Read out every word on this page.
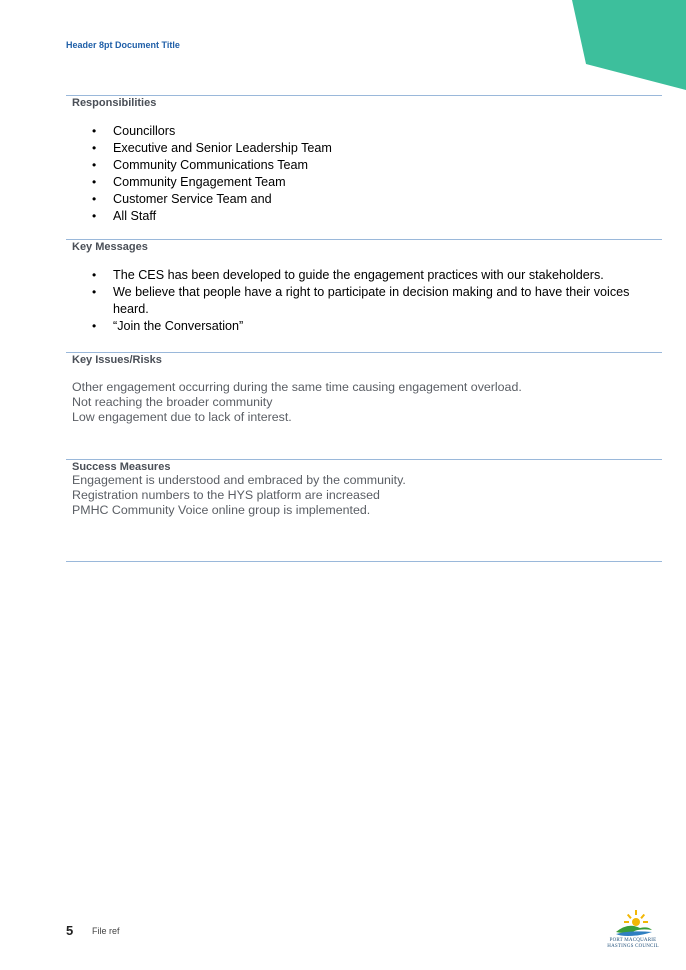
Header 8pt Document Title
Responsibilities
• Councillors
• Executive and Senior Leadership Team
• Community Communications Team
• Community Engagement Team
• Customer Service Team and
• All Staff
Key Messages
• The CES has been developed to guide the engagement practices with our stakeholders.
• We believe that people have a right to participate in decision making and to have their voices heard.
• “Join the Conversation”
Key Issues/Risks
Other engagement occurring during the same time causing engagement overload.
Not reaching the broader community
Low engagement due to lack of interest.
Success Measures
Engagement is understood and embraced by the community.
Registration numbers to the HYS platform are increased
PMHC Community Voice online group is implemented.
5 File ref
PORT MACQUARIE
HASTINGS COUNCIL
